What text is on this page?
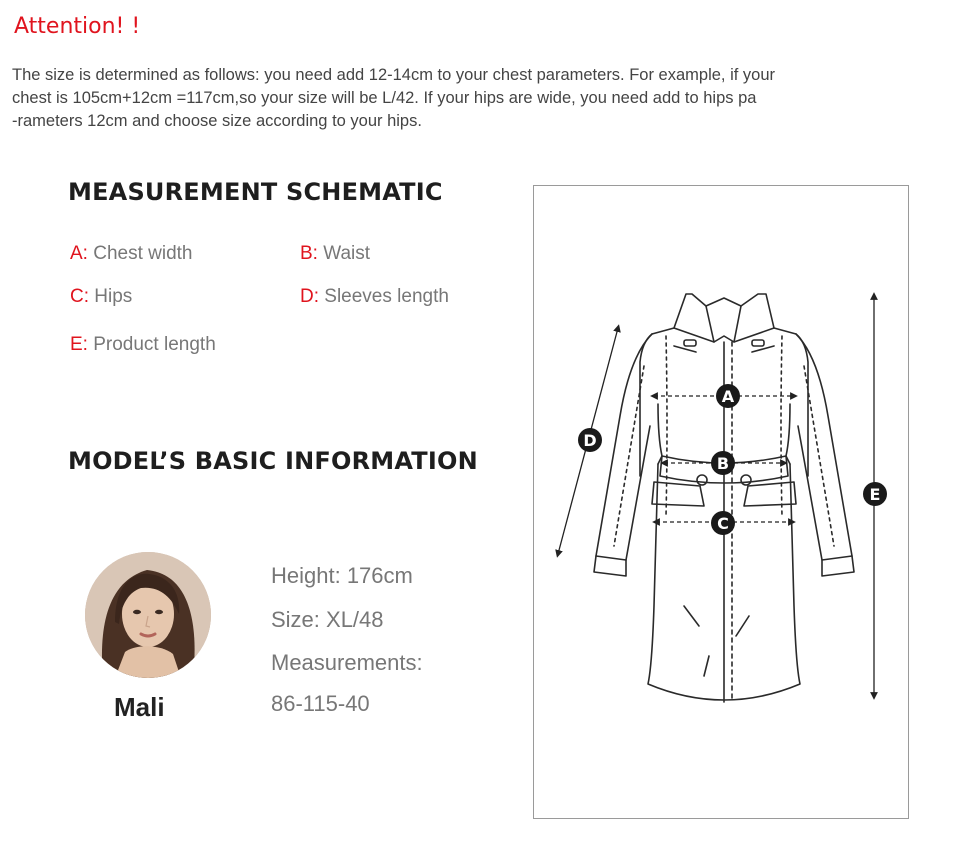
Attention! !
The size is determined as follows: you need add 12-14cm to your chest parameters. For example, if your
chest is 105cm+12cm =117cm,so your size will be L/42. If your hips are wide, you need add to hips pa
-rameters 12cm and choose size according to your hips.
MEASUREMENT SCHEMATIC
A: Chest width	B: Waist
C: Hips	D: Sleeves length
E: Product length
MODEL’S BASIC INFORMATION
Mali
Height: 176cm
Size: XL/48
Measurements:
86-115-40
A
B
C
D
E
